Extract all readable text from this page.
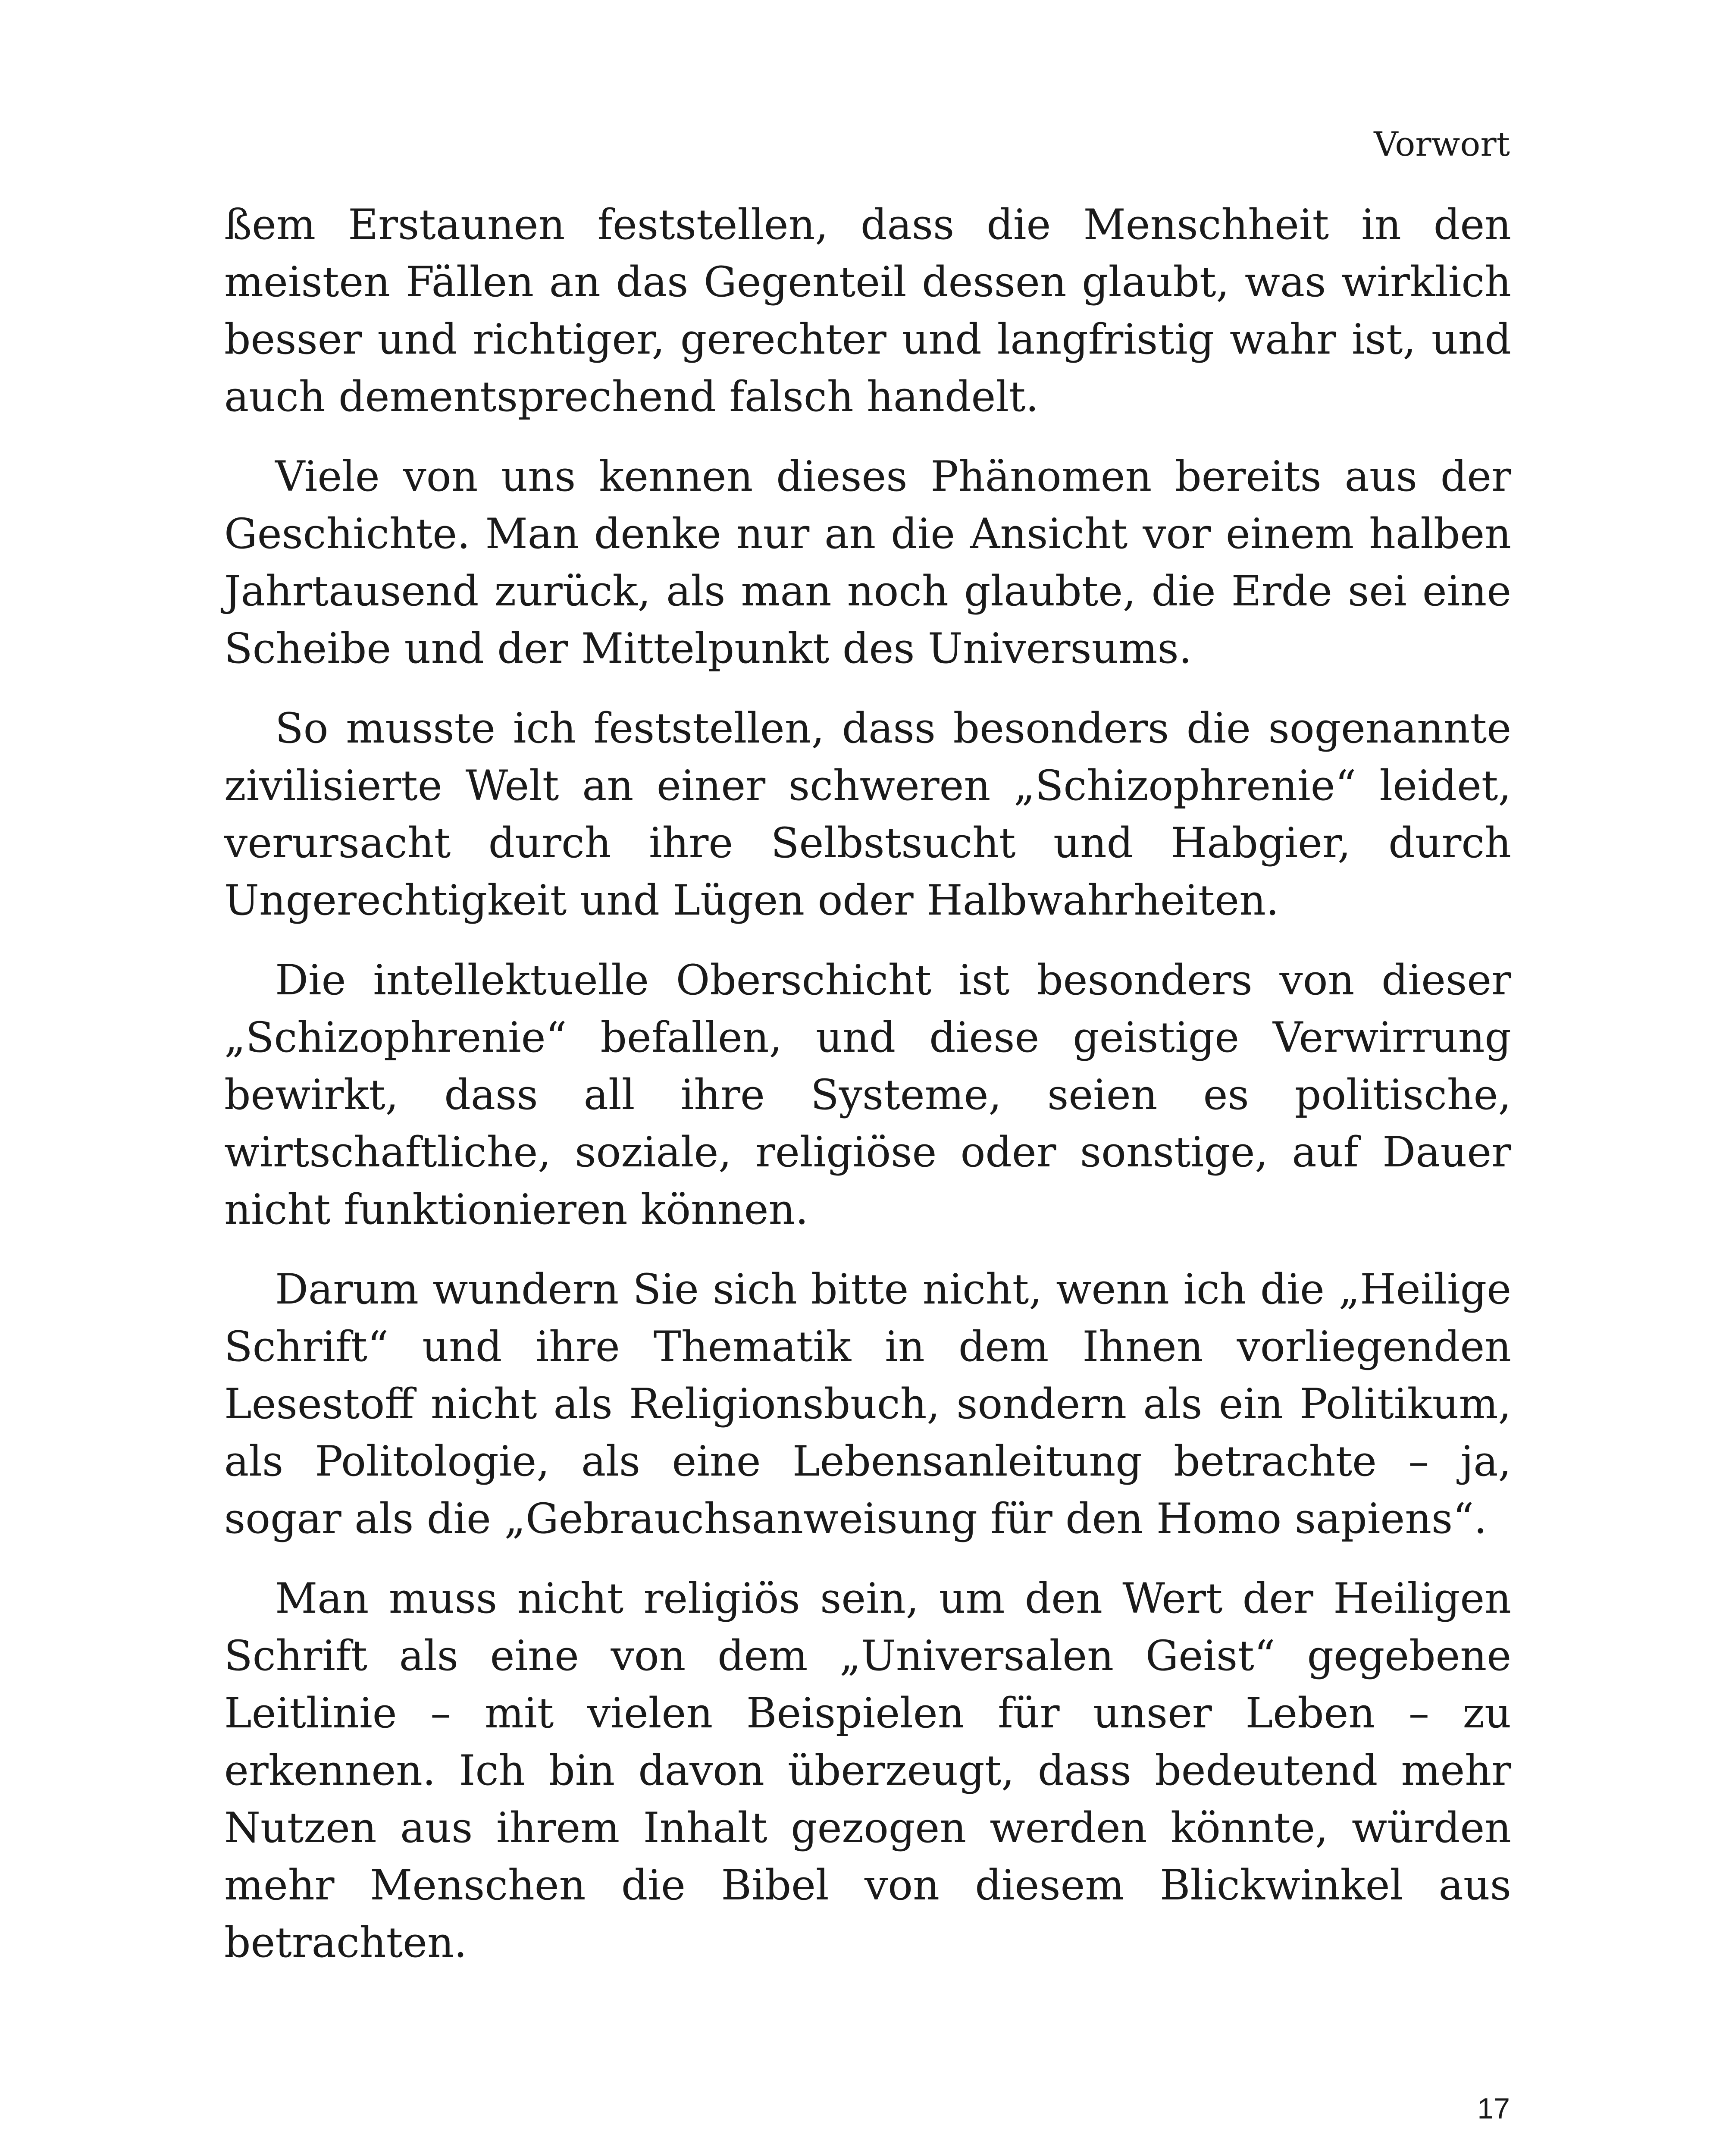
Vorwort

ßem Erstaunen feststellen, dass die Menschheit in den meisten Fällen an das Gegenteil dessen glaubt, was wirklich besser und richtiger, gerechter und langfristig wahr ist, und auch dementsprechend falsch handelt.

Viele von uns kennen dieses Phänomen bereits aus der Geschichte. Man denke nur an die Ansicht vor einem halben Jahrtausend zurück, als man noch glaubte, die Erde sei eine Scheibe und der Mittelpunkt des Universums.

So musste ich feststellen, dass besonders die sogenannte zivilisierte Welt an einer schweren „Schizophrenie“ leidet, verursacht durch ihre Selbstsucht und Habgier, durch Ungerechtigkeit und Lügen oder Halbwahrheiten.

Die intellektuelle Oberschicht ist besonders von dieser „Schizophrenie“ befallen, und diese geistige Verwirrung bewirkt, dass all ihre Systeme, seien es politische, wirtschaftliche, soziale, religiöse oder sonstige, auf Dauer nicht funktionieren können.

Darum wundern Sie sich bitte nicht, wenn ich die „Heilige Schrift“ und ihre Thematik in dem Ihnen vorliegenden Lesestoff nicht als Religionsbuch, sondern als ein Politikum, als Politologie, als eine Lebensanleitung betrachte – ja, sogar als die „Gebrauchsanweisung für den Homo sapiens“.

Man muss nicht religiös sein, um den Wert der Heiligen Schrift als eine von dem „Universalen Geist“ gegebene Leitlinie – mit vielen Beispielen für unser Leben – zu erkennen. Ich bin davon überzeugt, dass bedeutend mehr Nutzen aus ihrem Inhalt gezogen werden könnte, würden mehr Menschen die Bibel von diesem Blickwinkel aus betrachten.

17
